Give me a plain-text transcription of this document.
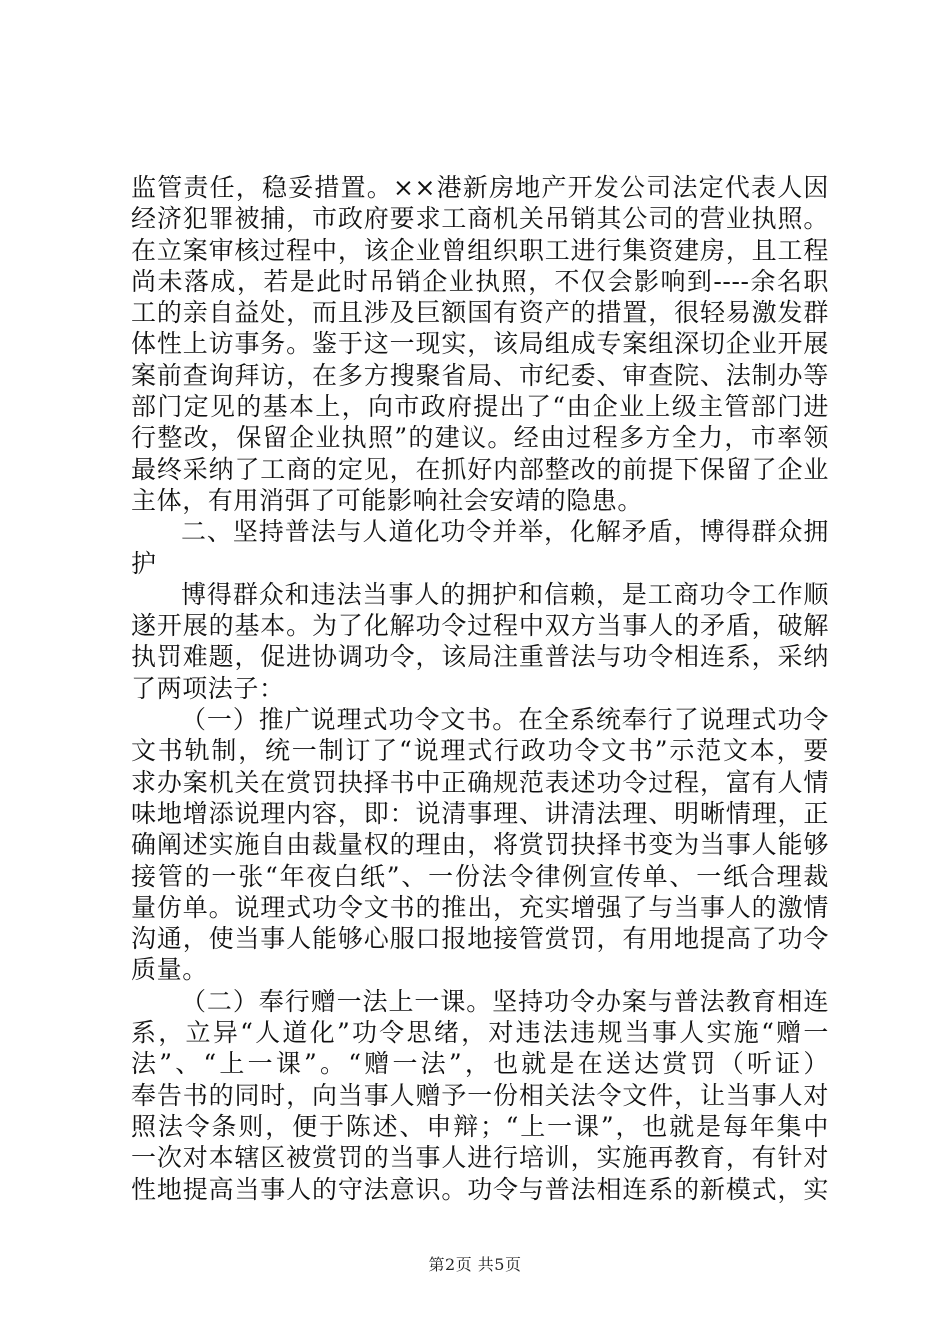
监管责任，稳妥措置。××港新房地产开发公司法定代表人因
经济犯罪被捕，市政府要求工商机关吊销其公司的营业执照。
在立案审核过程中，该企业曾组织职工进行集资建房，且工程
尚未落成，若是此时吊销企业执照，不仅会影响到----余名职
工的亲自益处，而且涉及巨额国有资产的措置，很轻易激发群
体性上访事务。鉴于这一现实，该局组成专案组深切企业开展
案前查询拜访，在多方搜聚省局、市纪委、审查院、法制办等
部门定见的基本上，向市政府提出了“由企业上级主管部门进
行整改，保留企业执照”的建议。经由过程多方全力，市率领
最终采纳了工商的定见，在抓好内部整改的前提下保留了企业
主体，有用消弭了可能影响社会安靖的隐患。
二、坚持普法与人道化功令并举，化解矛盾，博得群众拥
护
博得群众和违法当事人的拥护和信赖，是工商功令工作顺
遂开展的基本。为了化解功令过程中双方当事人的矛盾，破解
执罚难题，促进协调功令，该局注重普法与功令相连系，采纳
了两项法子：
（一）推广说理式功令文书。在全系统奉行了说理式功令
文书轨制，统一制订了“说理式行政功令文书”示范文本，要
求办案机关在赏罚抉择书中正确规范表述功令过程，富有人情
味地增添说理内容，即：说清事理、讲清法理、明晰情理，正
确阐述实施自由裁量权的理由，将赏罚抉择书变为当事人能够
接管的一张“年夜白纸”、一份法令律例宣传单、一纸合理裁
量仿单。说理式功令文书的推出，充实增强了与当事人的激情
沟通，使当事人能够心服口报地接管赏罚，有用地提高了功令
质量。
（二）奉行赠一法上一课。坚持功令办案与普法教育相连
系，立异“人道化”功令思绪，对违法违规当事人实施“赠一
法”、“上一课”。“赠一法”，也就是在送达赏罚（听证）
奉告书的同时，向当事人赠予一份相关法令文件，让当事人对
照法令条则，便于陈述、申辩；“上一课”，也就是每年集中
一次对本辖区被赏罚的当事人进行培训，实施再教育，有针对
性地提高当事人的守法意识。功令与普法相连系的新模式，实
第2页 共5页
